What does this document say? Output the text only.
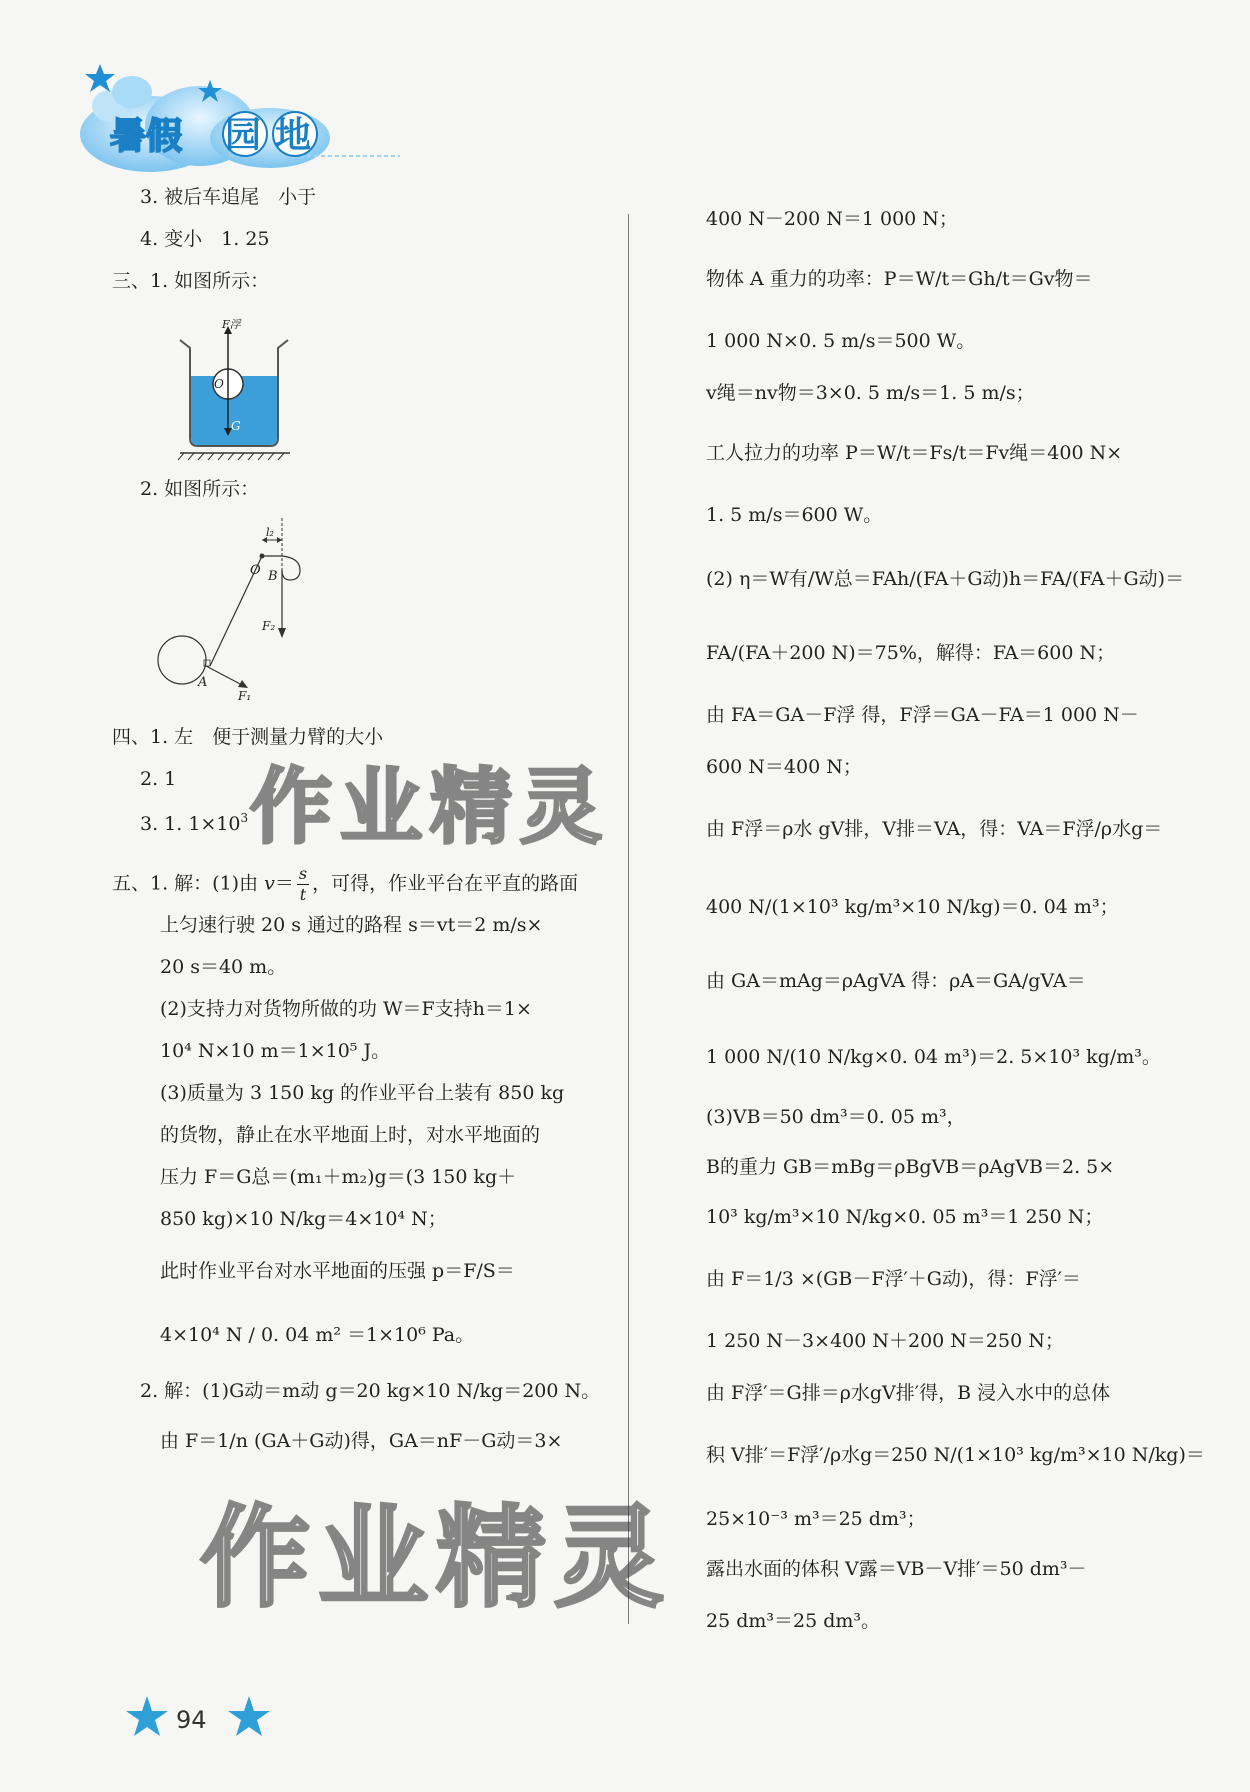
暑假 园地
3. 被后车追尾　小于
4. 变小　1. 25
三、1. 如图所示：
2. 如图所示：
四、1. 左　便于测量力臂的大小
2. 1
3. 1. $1\times 10^3$
五、1. 解：(1)由 $v= \frac{s}{t}$ ，可得，作业平台在平直的路面
上匀速行驶 20 s 通过的路程 s＝vt＝2 m/s×
20 s＝40 m。
(2)支持力对货物所做的功 W＝F支持h＝1×
10⁴ N×10 m＝1×10⁵ J。
(3)质量为 3 150 kg 的作业平台上装有 850 kg
的货物，静止在水平地面上时，对水平地面的
压力 F＝G总＝(m₁＋m₂)g＝(3 150 kg＋
850 kg)×10 N/kg＝4×10⁴ N；
此时作业平台对水平地面的压强 p＝F/S＝
4×10⁴ N / 0. 04 m² ＝1×10⁶ Pa。
2. 解：(1)G动＝m动 g＝20 kg×10 N/kg＝200 N。
由 F＝1/n (GA＋G动)得，GA＝nF－G动＝3×
F浮
O
G
l₂
O B
F₂
A
F₁
400 N－200 N＝1 000 N；
物体 A 重力的功率：P＝W/t＝Gh/t＝Gv物＝
1 000 N×0. 5 m/s＝500 W。
v绳＝nv物＝3×0. 5 m/s＝1. 5 m/s；
工人拉力的功率 P＝W/t＝Fs/t＝Fv绳＝400 N×
1. 5 m/s＝600 W。
(2) η＝W有/W总＝FAh/(FA＋G动)h＝FA/(FA＋G动)＝
FA/(FA＋200 N)＝75%，解得：FA＝600 N；
由 FA＝GA－F浮 得，F浮＝GA－FA＝1 000 N－
600 N＝400 N；
由 F浮＝ρ水 gV排，V排＝VA，得：VA＝F浮/ρ水g＝
400 N/(1×10³ kg/m³×10 N/kg)＝0. 04 m³；
由 GA＝mAg＝ρAgVA 得：ρA＝GA/gVA＝
1 000 N/(10 N/kg×0. 04 m³)＝2. 5×10³ kg/m³。
(3)VB＝50 dm³＝0. 05 m³，
B的重力 GB＝mBg＝ρBgVB＝ρAgVB＝2. 5×
10³ kg/m³×10 N/kg×0. 05 m³＝1 250 N；
由 F＝1/3 ×(GB－F浮′＋G动)，得：F浮′＝
1 250 N－3×400 N＋200 N＝250 N；
由 F浮′＝G排＝ρ水gV排′得，B 浸入水中的总体
积 V排′＝F浮′/ρ水g＝250 N/(1×10³ kg/m³×10 N/kg)＝
25×10⁻³ m³＝25 dm³；
露出水面的体积 V露＝VB－V排′＝50 dm³－
25 dm³＝25 dm³。
作业精灵
作业精灵
94
